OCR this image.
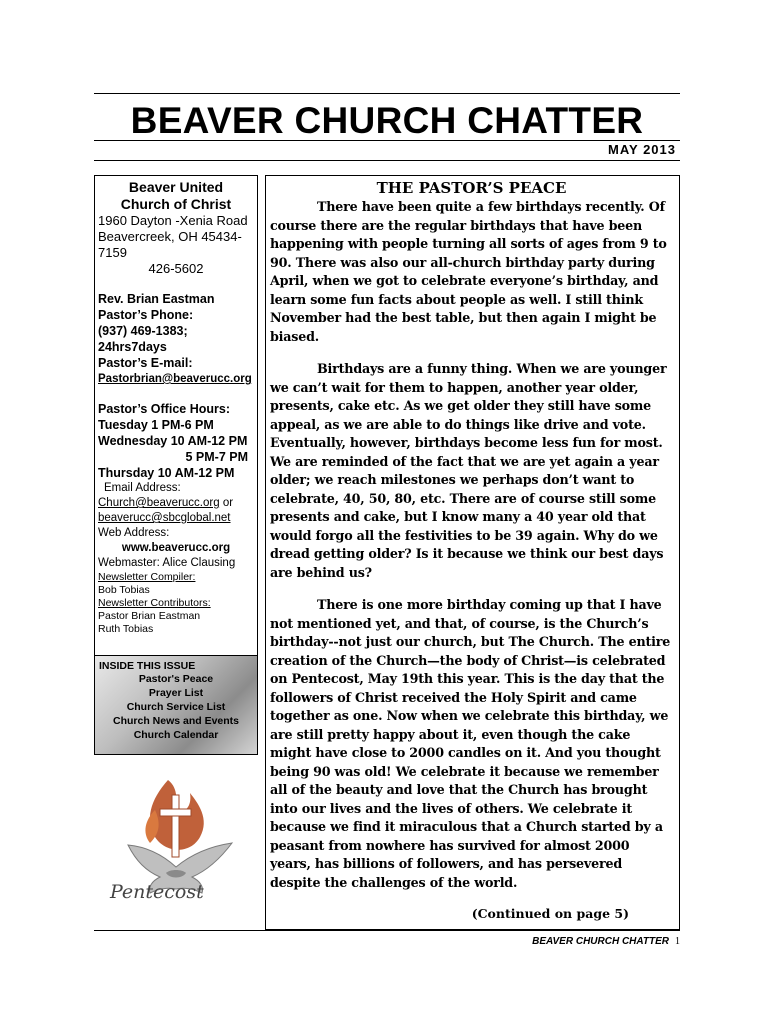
BEAVER CHURCH CHATTER
MAY 2013
Beaver United
Church of Christ
1960 Dayton -Xenia Road
Beavercreek, OH 45434-7159
426-5602
Rev. Brian Eastman
Pastor’s Phone:
(937) 469-1383; 24hrs7days
Pastor’s E-mail:
Pastorbrian@beaverucc.org
Pastor’s Office Hours:
Tuesday 1 PM-6 PM
Wednesday 10 AM-12 PM
5 PM-7 PM
Thursday 10 AM-12 PM
Email Address:
Church@beaverucc.org or
beaverucc@sbcglobal.net
Web Address:
www.beaverucc.org
Webmaster: Alice Clausing
Newsletter Compiler:
Bob Tobias
Newsletter Contributors:
Pastor Brian Eastman
Ruth Tobias
INSIDE THIS ISSUE
Pastor's Peace
Prayer List
Church Service List
Church News and Events
Church Calendar
Pentecost
THE PASTOR’S PEACE

There have been quite a few birthdays recently. Of course there are the regular birthdays that have been happening with people turning all sorts of ages from 9 to 90. There was also our all-church birthday party during April, when we got to celebrate everyone’s birthday, and learn some fun facts about people as well. I still think November had the best table, but then again I might be biased.

Birthdays are a funny thing. When we are younger we can’t wait for them to happen, another year older, presents, cake etc. As we get older they still have some appeal, as we are able to do things like drive and vote. Eventually, however, birthdays become less fun for most. We are reminded of the fact that we are yet again a year older; we reach milestones we perhaps don’t want to celebrate, 40, 50, 80, etc. There are of course still some presents and cake, but I know many a 40 year old that would forgo all the festivities to be 39 again. Why do we dread getting older? Is it because we think our best days are behind us?

There is one more birthday coming up that I have not mentioned yet, and that, of course, is the Church’s birthday--not just our church, but The Church. The entire creation of the Church—the body of Christ—is celebrated on Pentecost, May 19th this year. This is the day that the followers of Christ received the Holy Spirit and came together as one. Now when we celebrate this birthday, we are still pretty happy about it, even though the cake might have close to 2000 candles on it. And you thought being 90 was old! We celebrate it because we remember all of the beauty and love that the Church has brought into our lives and the lives of others. We celebrate it because we find it miraculous that a Church started by a peasant from nowhere has survived for almost 2000 years, has billions of followers, and has persevered despite the challenges of the world.

(Continued on page 5)
BEAVER CHURCH CHATTER 1
